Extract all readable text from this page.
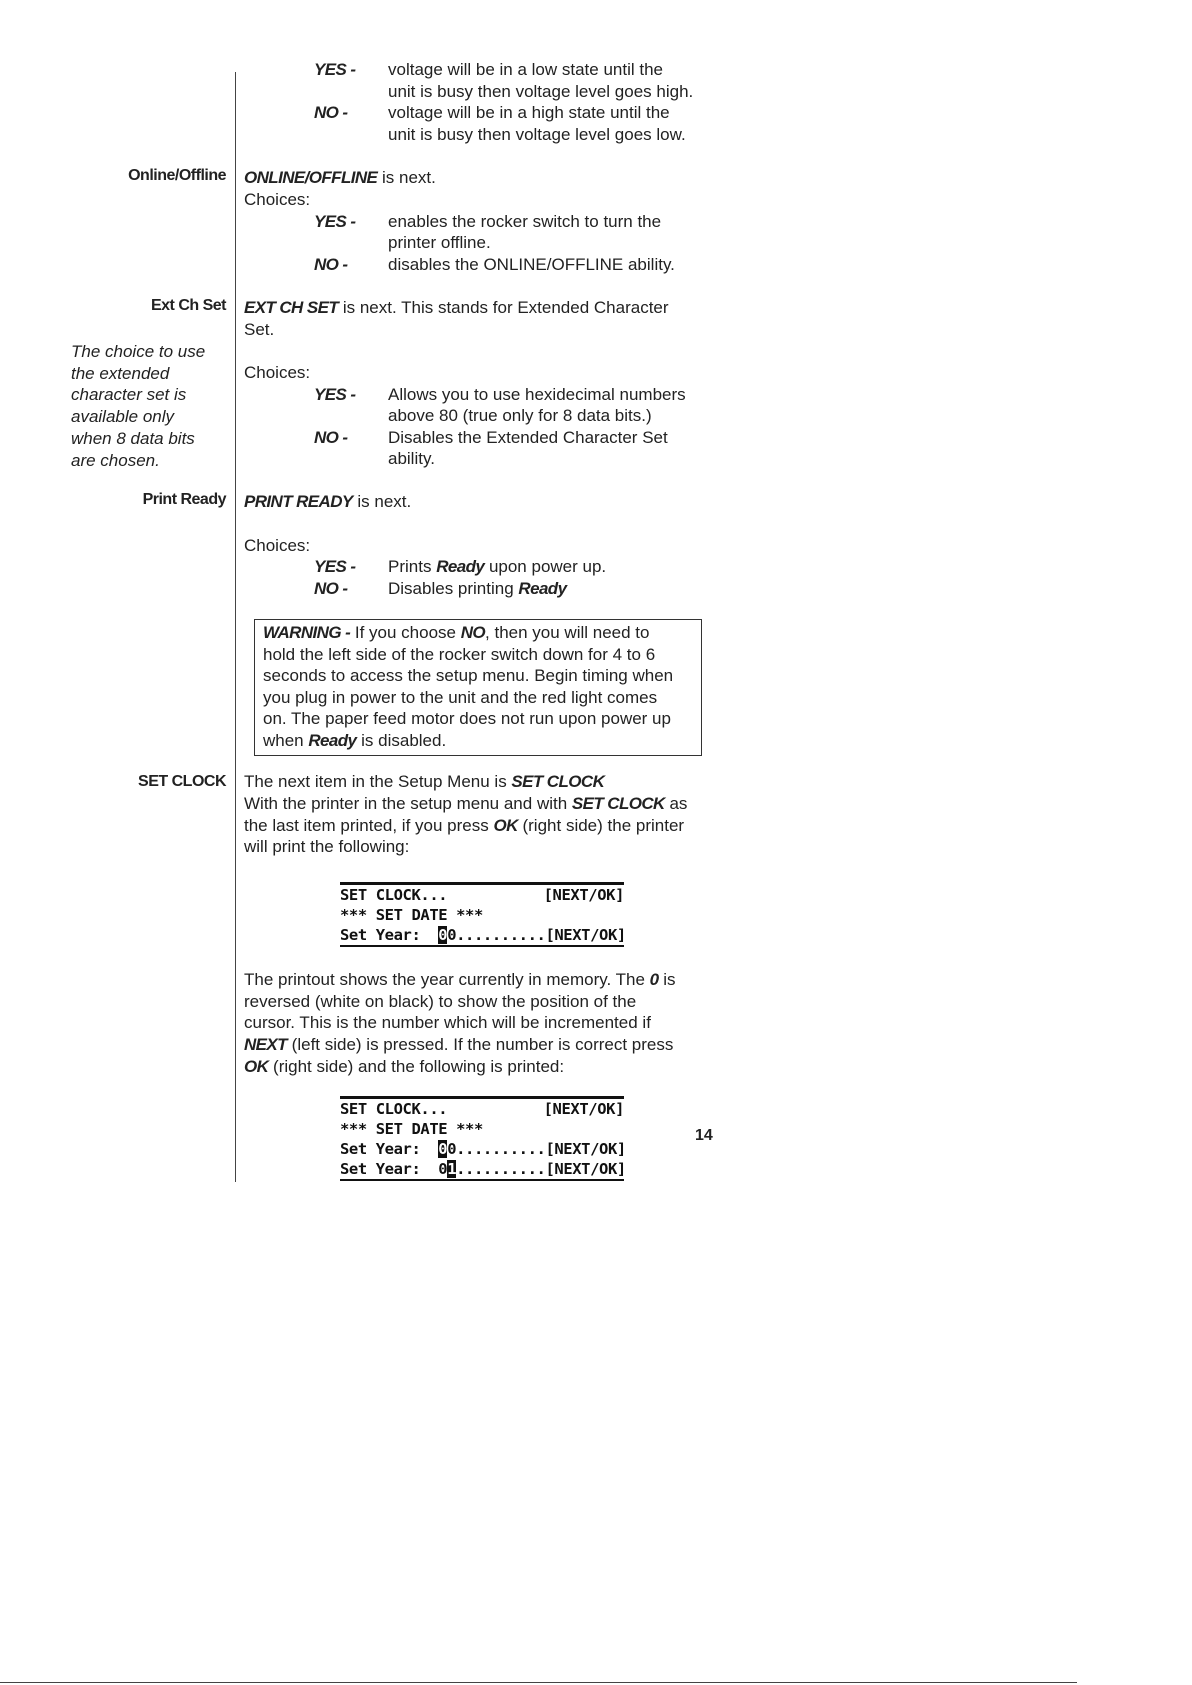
YES - voltage will be in a low state until the
unit is busy then voltage level goes high.
NO - voltage will be in a high state until the
unit is busy then voltage level goes low.
Online/Offline ONLINE/OFFLINE is next.
Choices:
YES - enables the rocker switch to turn the
printer offline.
NO - disables the ONLINE/OFFLINE ability.
Ext Ch Set EXT CH SET is next. This stands for Extended Character
Set.
The choice to use
the extended
character set is
available only
when 8 data bits
are chosen.
Choices:
YES - Allows you to use hexidecimal numbers
above 80 (true only for 8 data bits.)
NO - Disables the Extended Character Set
ability.
Print Ready PRINT READY is next.
Choices:
YES - Prints Ready upon power up.
NO - Disables printing Ready
WARNING - If you choose NO, then you will need to
hold the left side of the rocker switch down for 4 to 6
seconds to access the setup menu. Begin timing when
you plug in power to the unit and the red light comes
on. The paper feed motor does not run upon power up
when Ready is disabled.
SET CLOCK The next item in the Setup Menu is SET CLOCK
With the printer in the setup menu and with SET CLOCK as
the last item printed, if you press OK (right side) the printer
will print the following:
SET CLOCK...	[NEXT/OK]
*** SET DATE ***
Set Year:  00.......... [NEXT/OK]
The printout shows the year currently in memory. The 0 is
reversed (white on black) to show the position of the
cursor. This is the number which will be incremented if
NEXT (left side) is pressed. If the number is correct press
OK (right side) and the following is printed:
SET CLOCK...	[NEXT/OK]
*** SET DATE ***
Set Year:  00.......... [NEXT/OK]
Set Year:  01.......... [NEXT/OK]
14
